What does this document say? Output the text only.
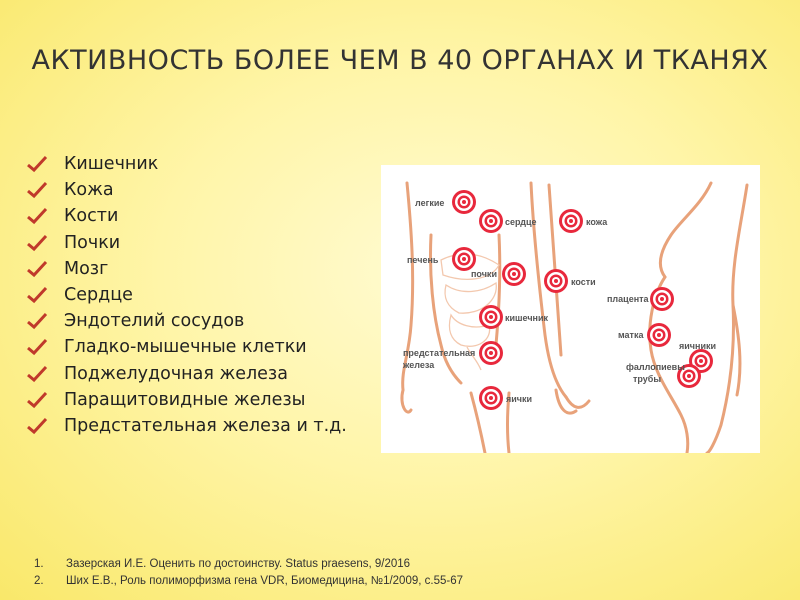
АКТИВНОСТЬ БОЛЕЕ ЧЕМ В 40 ОРГАНАХ И ТКАНЯХ
Кишечник
Кожа
Кости
Почки
Мозг
Сердце
Эндотелий сосудов
Гладко-мышечные клетки
Поджелудочная железа
Паращитовидные железы
Предстательная железа и т.д.
легкие
сердце	кожа
печень
почки
кости
кишечник
предстательная
железа
яички
плацента
матка
яичники
фаллопиевы
трубы
1.	Зазерская И.Е. Оценить по достоинству. Status praesens, 9/2016
2.	Ших Е.В., Роль полиморфизма гена VDR, Биомедицина, №1/2009, с.55-67
